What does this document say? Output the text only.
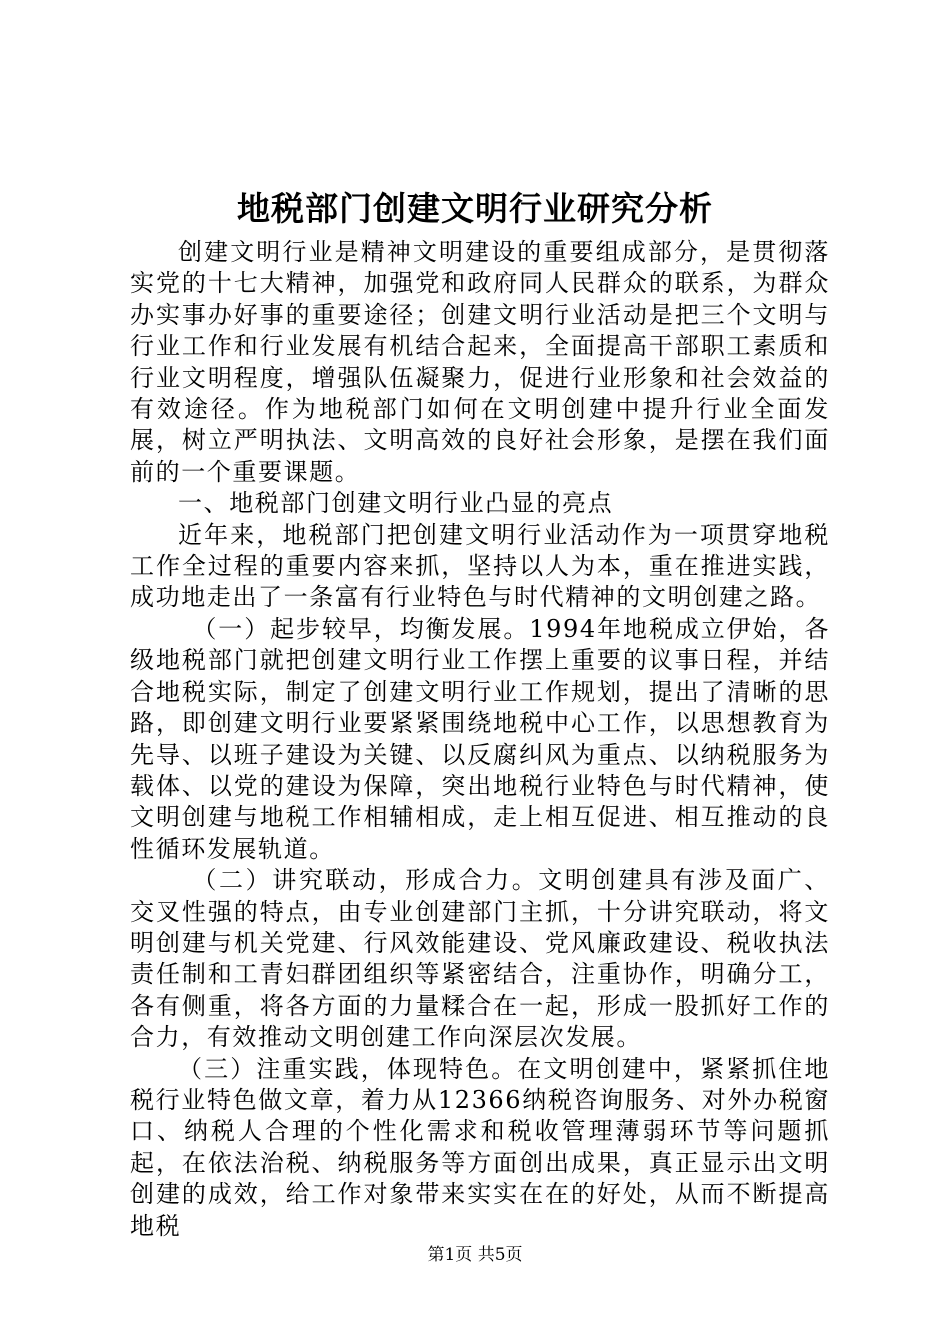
地税部门创建文明行业研究分析

创建文明行业是精神文明建设的重要组成部分，是贯彻落实党的十七大精神，加强党和政府同人民群众的联系，为群众办实事办好事的重要途径；创建文明行业活动是把三个文明与行业工作和行业发展有机结合起来，全面提高干部职工素质和行业文明程度，增强队伍凝聚力，促进行业形象和社会效益的有效途径。作为地税部门如何在文明创建中提升行业全面发展，树立严明执法、文明高效的良好社会形象，是摆在我们面前的一个重要课题。

一、地税部门创建文明行业凸显的亮点

近年来，地税部门把创建文明行业活动作为一项贯穿地税工作全过程的重要内容来抓，坚持以人为本，重在推进实践，成功地走出了一条富有行业特色与时代精神的文明创建之路。

（一）起步较早，均衡发展。1994年地税成立伊始，各级地税部门就把创建文明行业工作摆上重要的议事日程，并结合地税实际，制定了创建文明行业工作规划，提出了清晰的思路，即创建文明行业要紧紧围绕地税中心工作，以思想教育为先导、以班子建设为关键、以反腐纠风为重点、以纳税服务为载体、以党的建设为保障，突出地税行业特色与时代精神，使文明创建与地税工作相辅相成，走上相互促进、相互推动的良性循环发展轨道。

（二）讲究联动，形成合力。文明创建具有涉及面广、交叉性强的特点，由专业创建部门主抓，十分讲究联动，将文明创建与机关党建、行风效能建设、党风廉政建设、税收执法责任制和工青妇群团组织等紧密结合，注重协作，明确分工，各有侧重，将各方面的力量糅合在一起，形成一股抓好工作的合力，有效推动文明创建工作向深层次发展。

（三）注重实践，体现特色。在文明创建中，紧紧抓住地税行业特色做文章，着力从12366纳税咨询服务、对外办税窗口、纳税人合理的个性化需求和税收管理薄弱环节等问题抓起，在依法治税、纳税服务等方面创出成果，真正显示出文明创建的成效，给工作对象带来实实在在的好处，从而不断提高地税

第1页 共5页
